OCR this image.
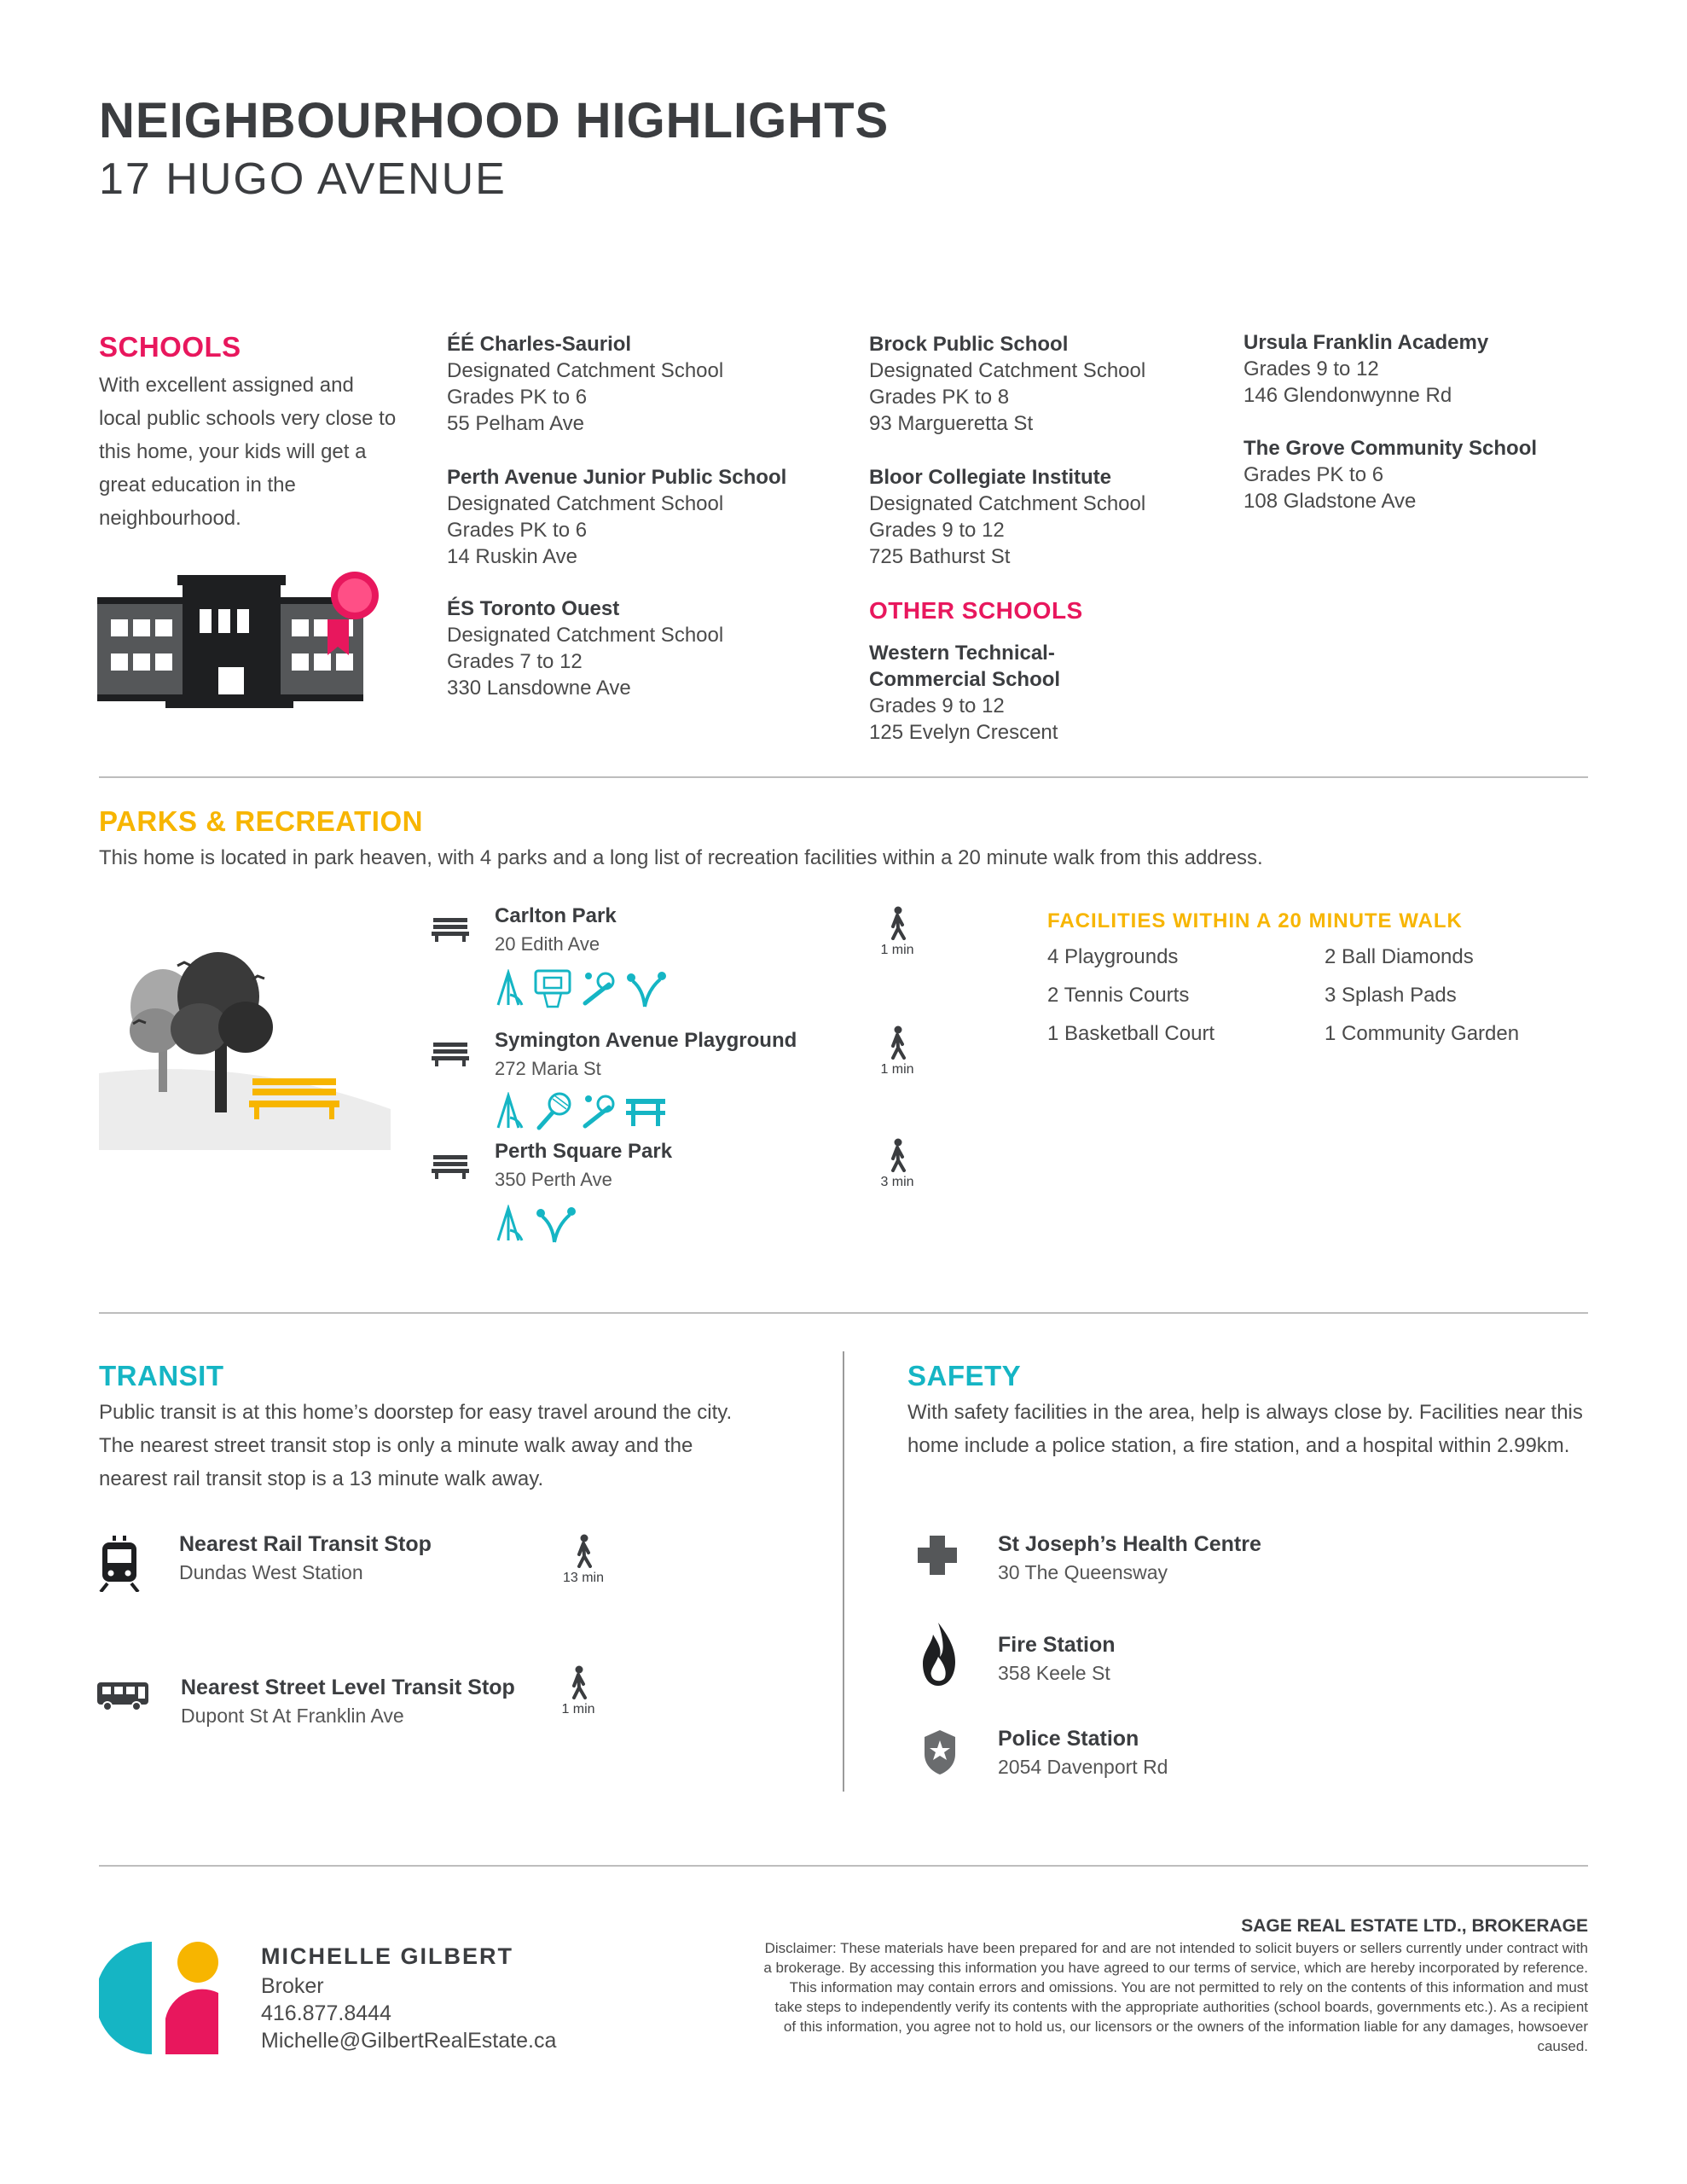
NEIGHBOURHOOD HIGHLIGHTS
17 HUGO AVENUE
SCHOOLS
With excellent assigned and local public schools very close to this home, your kids will get a great education in the neighbourhood.
ÉÉ Charles-Sauriol
Designated Catchment School
Grades PK to 6
55 Pelham Ave
Perth Avenue Junior Public School
Designated Catchment School
Grades PK to 6
14 Ruskin Ave
ÉS Toronto Ouest
Designated Catchment School
Grades 7 to 12
330 Lansdowne Ave
Brock Public School
Designated Catchment School
Grades PK to 8
93 Margueretta St
Bloor Collegiate Institute
Designated Catchment School
Grades 9 to 12
725 Bathurst St
OTHER SCHOOLS
Western Technical-
Commercial School
Grades 9 to 12
125 Evelyn Crescent
Ursula Franklin Academy
Grades 9 to 12
146 Glendonwynne Rd
The Grove Community School
Grades PK to 6
108 Gladstone Ave
PARKS & RECREATION
This home is located in park heaven, with 4 parks and a long list of recreation facilities within a 20 minute walk from this address.
Carlton Park
20 Edith Ave	1 min
Symington Avenue Playground
272 Maria St	1 min
Perth Square Park
350 Perth Ave	3 min
FACILITIES WITHIN A 20 MINUTE WALK
4 Playgrounds	2 Ball Diamonds
2 Tennis Courts	3 Splash Pads
1 Basketball Court	1 Community Garden
TRANSIT
Public transit is at this home’s doorstep for easy travel around the city. The nearest street transit stop is only a minute walk away and the nearest rail transit stop is a 13 minute walk away.
Nearest Rail Transit Stop
Dundas West Station	13 min
Nearest Street Level Transit Stop
Dupont St At Franklin Ave	1 min
SAFETY
With safety facilities in the area, help is always close by. Facilities near this home include a police station, a fire station, and a hospital within 2.99km.
St Joseph’s Health Centre
30 The Queensway
Fire Station
358 Keele St
Police Station
2054 Davenport Rd
MICHELLE GILBERT
Broker
416.877.8444
Michelle@GilbertRealEstate.ca
SAGE REAL ESTATE LTD., BROKERAGE
Disclaimer: These materials have been prepared for and are not intended to solicit buyers or sellers currently under contract with a brokerage. By accessing this information you have agreed to our terms of service, which are hereby incorporated by reference. This information may contain errors and omissions. You are not permitted to rely on the contents of this information and must take steps to independently verify its contents with the appropriate authorities (school boards, governments etc.). As a recipient of this information, you agree not to hold us, our licensors or the owners of the information liable for any damages, howsoever caused.
